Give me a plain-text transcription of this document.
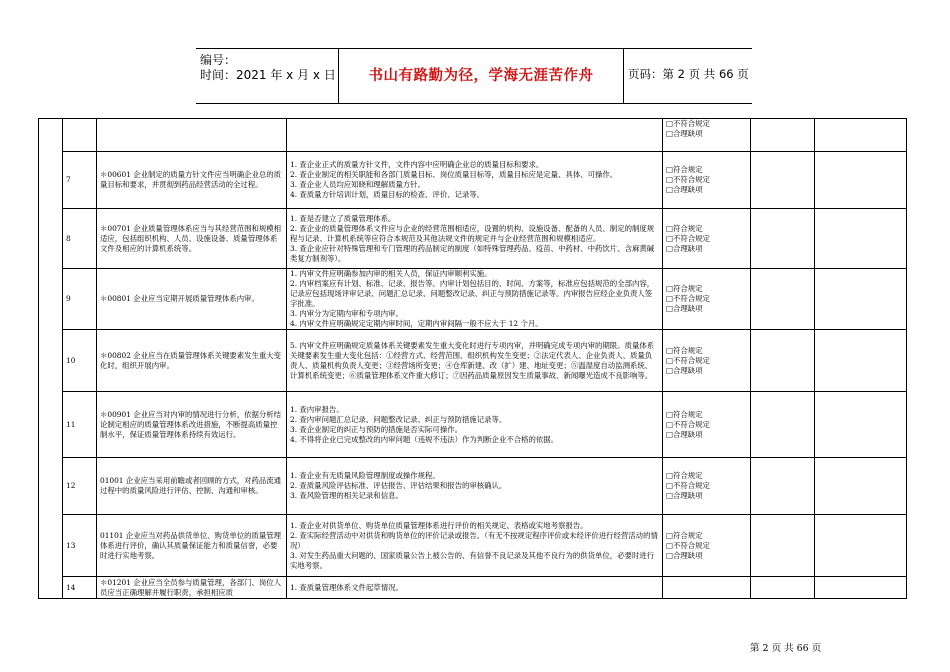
编号：
时间：2021 年 x 月 x 日	书山有路勤为径，学海无涯苦作舟	页码：第 2 页 共 66 页

				□不符合规定
□合理缺项		

	7	＊00601 企业制定的质量方针文件应当明确企业总的质量目标和要求，并贯彻到药品经营活动的全过程。	1. 查企业正式的质量方针文件，文件内容中应明确企业总的质量目标和要求。
2. 查企业制定的相关职能和各部门质量目标、岗位质量目标等，质量目标应是定量、具体、可操作。
3. 查企业人员均应知晓和理解质量方针。
4. 查质量方针培训计划，质量目标的检查、评价、记录等。	□符合规定
□不符合规定
□合理缺项		

	8	＊00701 企业质量管理体系应当与其经营范围和规模相适应，包括组织机构、人员、设施设备、质量管理体系文件及相应的计算机系统等。	1. 查是否建立了质量管理体系。
2. 查企业的质量管理体系文件应与企业的经营范围相适应，设置的机构、设施设备、配备的人员、制定的制度规程与记录、计算机系统等应符合本规范及其他法规文件的规定并与企业经营范围和规模相适应。
3. 查企业应针对特殊管理和专门管理的药品制定的制度（如特殊管理药品、疫苗、中药材、中药饮片、含麻黄碱类复方制剂等）。	□符合规定
□不符合规定
□合理缺项		

	9	＊00801 企业应当定期开展质量管理体系内审。	1. 内审文件应明确参加内审的相关人员，保证内审顺利实施。
2. 内审档案应有计划、标准、记录、报告等。内审计划包括目的、时间、方案等，标准应包括规范的全部内容，记录应包括现场评审记录、问题汇总记录、问题整改记录、纠正与预防措施记录等。内审报告应经企业负责人签字批准。
3. 内审分为定期内审和专项内审。
4. 内审文件应明确规定定期内审时间，定期内审间隔一般不应大于 12 个月。	□符合规定
□不符合规定
□合理缺项		

	10	＊00802 企业应当在质量管理体系关键要素发生重大变化时，组织开展内审。	5. 内审文件应明确规定质量体系关键要素发生重大变化时进行专项内审，并明确完成专项内审的期限。质量体系关键要素发生重大变化包括：①经营方式、经营范围、组织机构发生变更；②法定代表人、企业负责人、质量负责人、质量机构负责人变更；③经营场所变更；④仓库新建、改（扩）建、地址变更；⑤温湿度自动监测系统、计算机系统变更；⑥质量管理体系文件重大修订；⑦因药品质量原因发生质量事故、新闻曝光造成不良影响等。	□符合规定
□不符合规定
□合理缺项		

	11	＊00901 企业应当对内审的情况进行分析，依据分析结论制定相应的质量管理体系改进措施，不断提高质量控制水平，保证质量管理体系持续有效运行。	1. 查内审报告。
2. 查内审问题汇总记录、问题整改记录、纠正与预防措施记录等。
3. 查企业制定的纠正与预防的措施是否实际可操作。
4. 不得将企业已完成整改的内审问题（违规不违法）作为判断企业不合格的依据。	□符合规定
□不符合规定
□合理缺项		

	12	01001 企业应当采用前瞻或者回顾的方式，对药品流通过程中的质量风险进行评估、控制、沟通和审核。	1. 查企业有无质量风险管理制度或操作规程。
2. 查质量风险评估标准、评估报告、评估结果和报告的审核确认。
3. 查风险管理的相关记录和信息。	□符合规定
□不符合规定
□合理缺项		

	13	01101 企业应当对药品供货单位、购货单位的质量管理体系进行评价，确认其质量保证能力和质量信誉，必要时进行实地考察。	1. 查企业对供货单位、购货单位质量管理体系进行评价的相关规定、表格或实地考察报告。
2. 查实际经营活动中对供货和购货单位的评价记录或报告。（有无不按规定程序评价或未经评价进行经营活动的情况）
3. 对发生药品重大问题的、国家质量公告上被公告的、有信誉不良记录及其他不良行为的供货单位，必要时进行实地考察。	□符合规定
□不符合规定
□合理缺项		

	14	＊01201 企业应当全员参与质量管理，各部门、岗位人员应当正确理解并履行职责，承担相应质	1. 查质量管理体系文件起草情况。			

第 2 页 共 66 页
